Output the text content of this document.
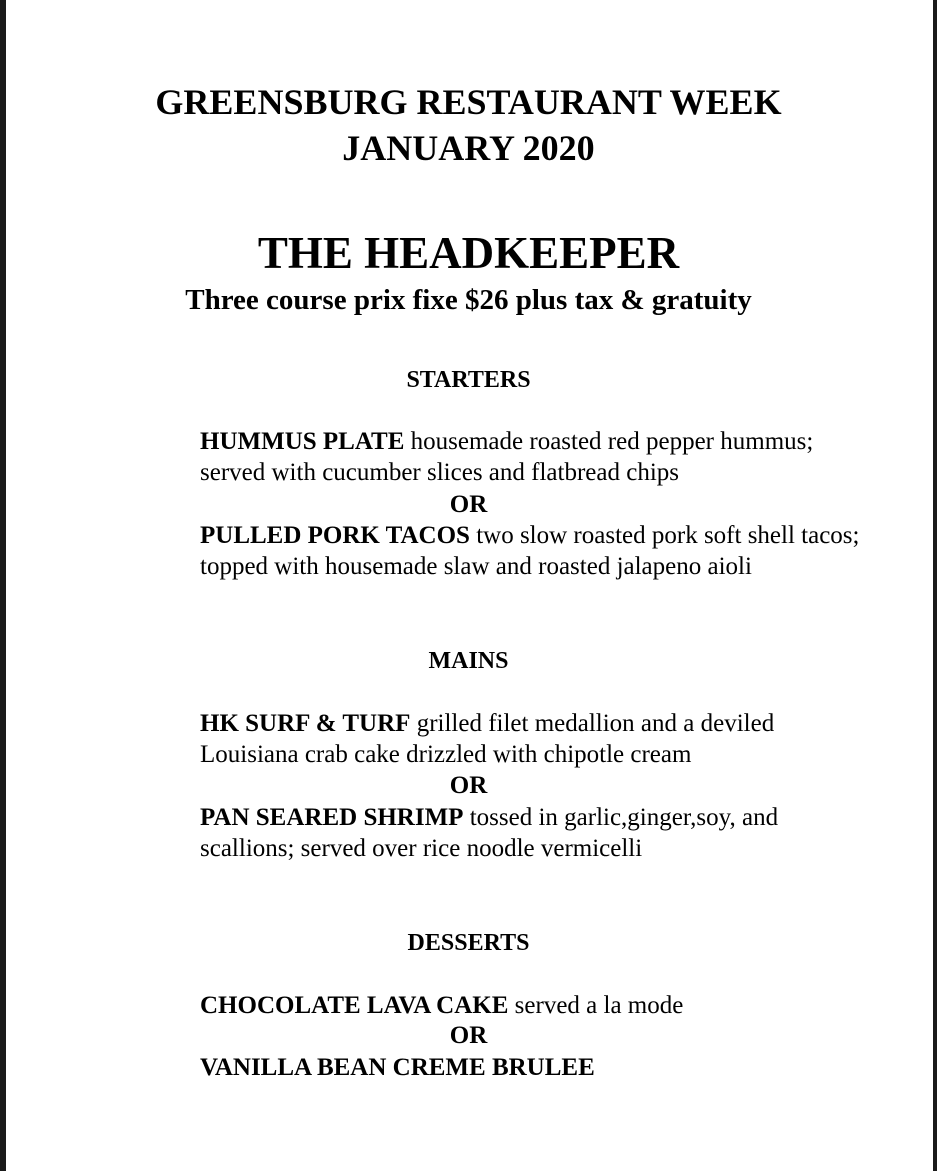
GREENSBURG RESTAURANT WEEK
JANUARY 2020
THE HEADKEEPER
Three course prix fixe $26 plus tax & gratuity
STARTERS
HUMMUS PLATE housemade roasted red pepper hummus; served with cucumber slices and flatbread chips
OR
PULLED PORK TACOS two slow roasted pork soft shell tacos; topped with housemade slaw and roasted jalapeno aioli
MAINS
HK SURF & TURF grilled filet medallion and a deviled Louisiana crab cake drizzled with chipotle cream
OR
PAN SEARED SHRIMP tossed in garlic,ginger,soy, and scallions; served over rice noodle vermicelli
DESSERTS
CHOCOLATE LAVA CAKE served a la mode
OR
VANILLA BEAN CREME BRULEE
